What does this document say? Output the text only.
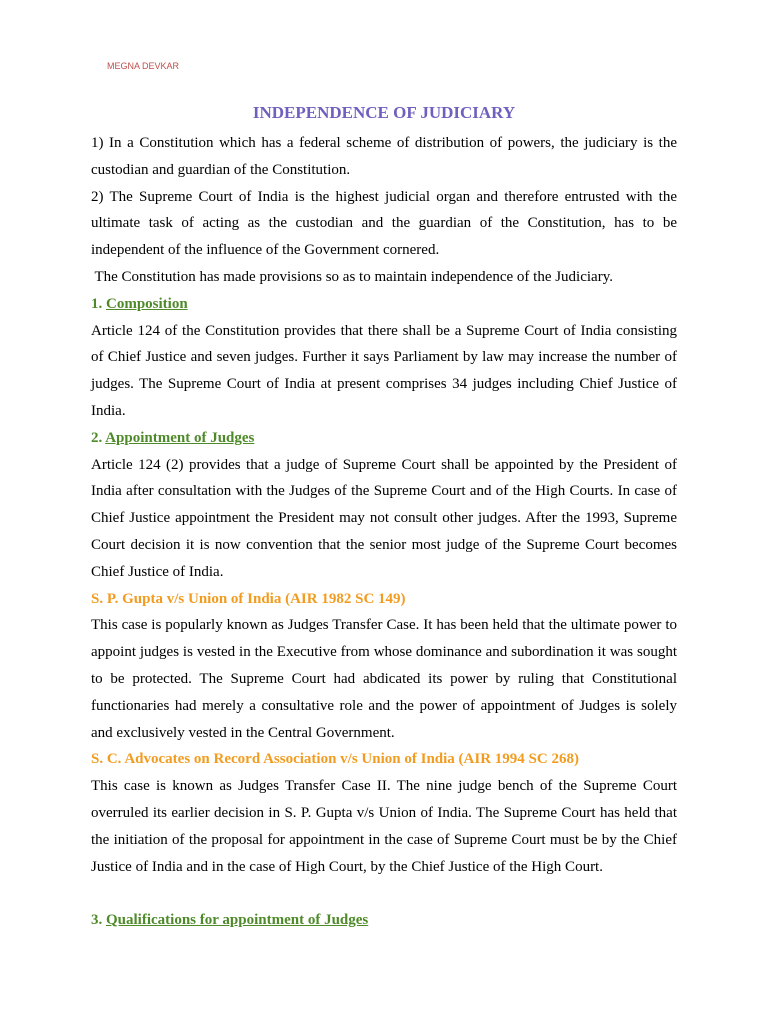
MEGNA DEVKAR
INDEPENDENCE OF JUDICIARY

1) In a Constitution which has a federal scheme of distribution of powers, the judiciary is the custodian and guardian of the Constitution.

2) The Supreme Court of India is the highest judicial organ and therefore entrusted with the ultimate task of acting as the custodian and the guardian of the Constitution, has to be independent of the influence of the Government cornered.

The Constitution has made provisions so as to maintain independence of the Judiciary.

1. Composition

Article 124 of the Constitution provides that there shall be a Supreme Court of India consisting of Chief Justice and seven judges. Further it says Parliament by law may increase the number of judges. The Supreme Court of India at present comprises 34 judges including Chief Justice of India.

2. Appointment of Judges

Article 124 (2) provides that a judge of Supreme Court shall be appointed by the President of India after consultation with the Judges of the Supreme Court and of the High Courts. In case of Chief Justice appointment the President may not consult other judges. After the 1993, Supreme Court decision it is now convention that the senior most judge of the Supreme Court becomes Chief Justice of India.

S. P. Gupta v/s Union of India (AIR 1982 SC 149)

This case is popularly known as Judges Transfer Case. It has been held that the ultimate power to appoint judges is vested in the Executive from whose dominance and subordination it was sought to be protected. The Supreme Court had abdicated its power by ruling that Constitutional functionaries had merely a consultative role and the power of appointment of Judges is solely and exclusively vested in the Central Government.

S. C. Advocates on Record Association v/s Union of India (AIR 1994 SC 268)

This case is known as Judges Transfer Case II. The nine judge bench of the Supreme Court overruled its earlier decision in S. P. Gupta v/s Union of India. The Supreme Court has held that the initiation of the proposal for appointment in the case of Supreme Court must be by the Chief Justice of India and in the case of High Court, by the Chief Justice of the High Court.

3. Qualifications for appointment of Judges
